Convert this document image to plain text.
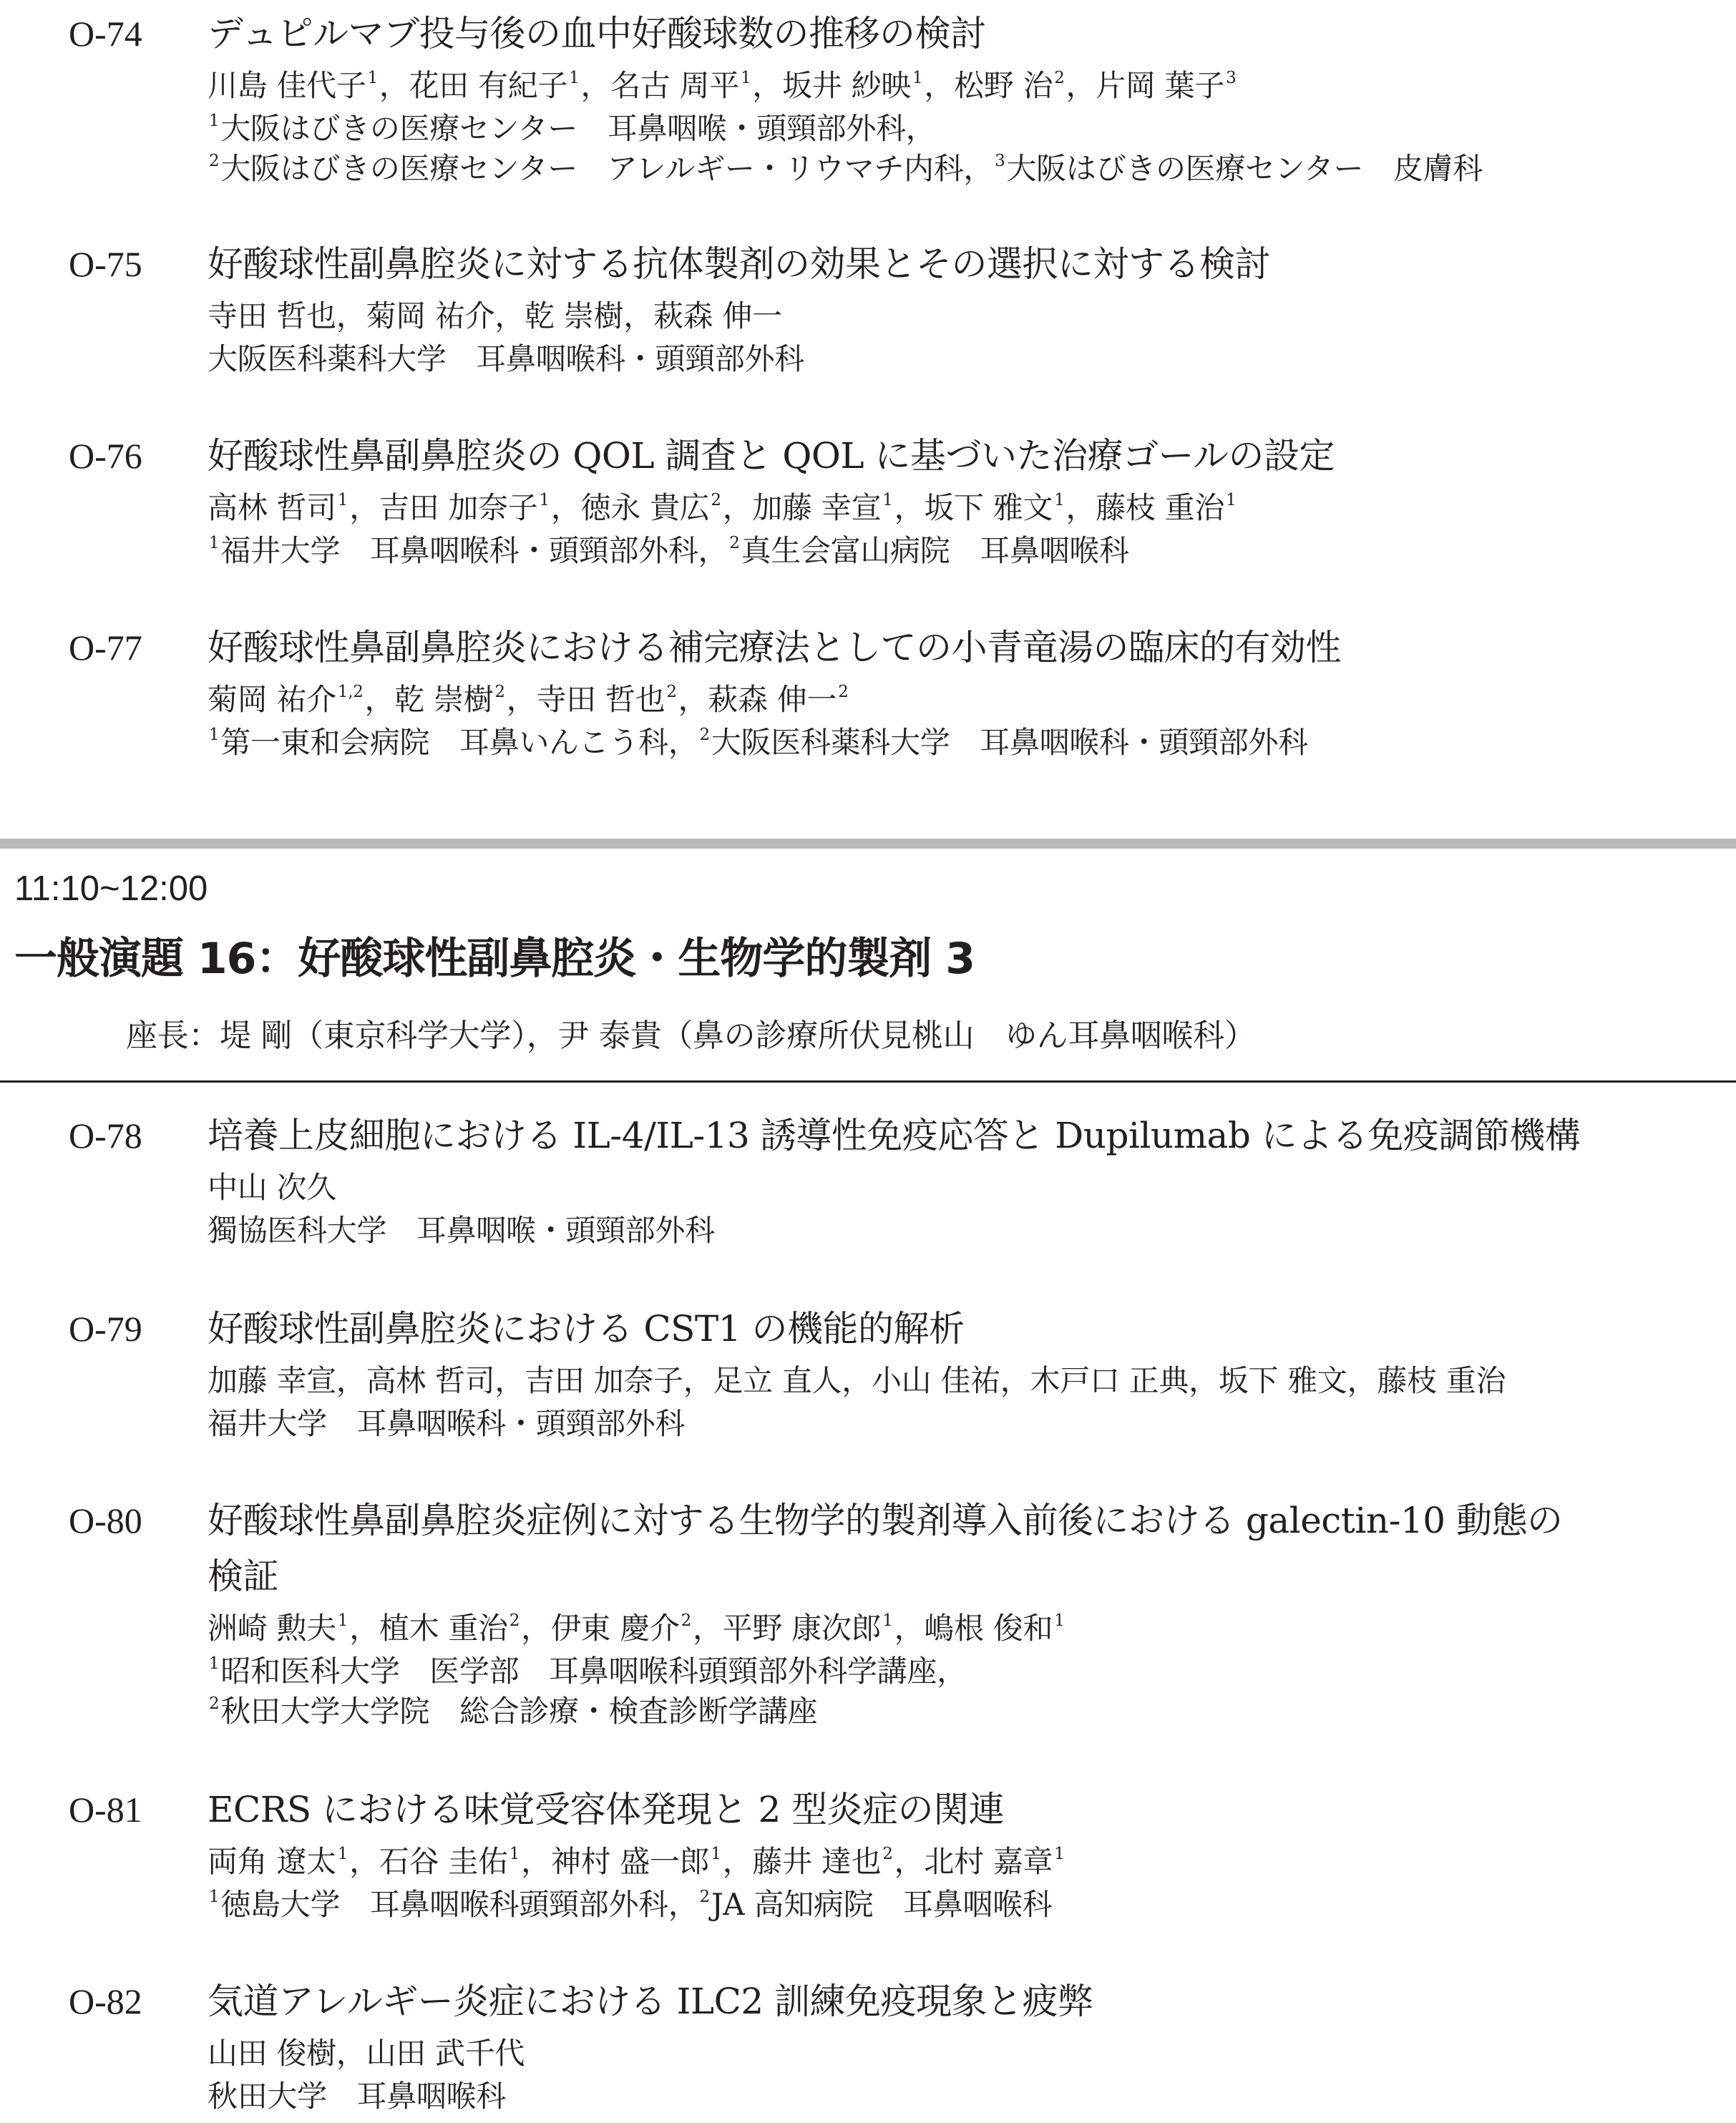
O-74 デュピルマブ投与後の血中好酸球数の推移の検討
川島 佳代子$^1$，花田 有紀子$^1$，名古 周平$^1$，坂井 紗映$^1$，松野 治$^2$，片岡 葉子$^3$
$^1$大阪はびきの医療センター　耳鼻咽喉・頭頸部外科，
$^2$大阪はびきの医療センター　アレルギー・リウマチ内科，$^3$大阪はびきの医療センター　皮膚科
O-75 好酸球性副鼻腔炎に対する抗体製剤の効果とその選択に対する検討
寺田 哲也，菊岡 祐介，乾 崇樹，萩森 伸一
大阪医科薬科大学　耳鼻咽喉科・頭頸部外科
O-76 好酸球性鼻副鼻腔炎の QOL 調査と QOL に基づいた治療ゴールの設定
高林 哲司$^1$，吉田 加奈子$^1$，徳永 貴広$^2$，加藤 幸宣$^1$，坂下 雅文$^1$，藤枝 重治$^1$
$^1$福井大学　耳鼻咽喉科・頭頸部外科，$^2$真生会富山病院　耳鼻咽喉科
O-77 好酸球性鼻副鼻腔炎における補完療法としての小青竜湯の臨床的有効性
菊岡 祐介$^{1,2}$，乾 崇樹$^2$，寺田 哲也$^2$，萩森 伸一$^2$
$^1$第一東和会病院　耳鼻いんこう科，$^2$大阪医科薬科大学　耳鼻咽喉科・頭頸部外科
11:10~12:00
一般演題 16：好酸球性副鼻腔炎・生物学的製剤 3
座長：堤 剛（東京科学大学），尹 泰貴（鼻の診療所伏見桃山　ゆん耳鼻咽喉科）
O-78 培養上皮細胞における IL-4/IL-13 誘導性免疫応答と Dupilumab による免疫調節機構
中山 次久
獨協医科大学　耳鼻咽喉・頭頸部外科
O-79 好酸球性副鼻腔炎における CST1 の機能的解析
加藤 幸宣，高林 哲司，吉田 加奈子，足立 直人，小山 佳祐，木戸口 正典，坂下 雅文，藤枝 重治
福井大学　耳鼻咽喉科・頭頸部外科
O-80 好酸球性鼻副鼻腔炎症例に対する生物学的製剤導入前後における galectin-10 動態の
検証
洲崎 勲夫$^1$，植木 重治$^2$，伊東 慶介$^2$，平野 康次郎$^1$，嶋根 俊和$^1$
$^1$昭和医科大学　医学部　耳鼻咽喉科頭頸部外科学講座，
$^2$秋田大学大学院　総合診療・検査診断学講座
O-81 ECRS における味覚受容体発現と 2 型炎症の関連
両角 遼太$^1$，石谷 圭佑$^1$，神村 盛一郎$^1$，藤井 達也$^2$，北村 嘉章$^1$
$^1$徳島大学　耳鼻咽喉科頭頸部外科，$^2$JA 高知病院　耳鼻咽喉科
O-82 気道アレルギー炎症における ILC2 訓練免疫現象と疲弊
山田 俊樹，山田 武千代
秋田大学　耳鼻咽喉科
